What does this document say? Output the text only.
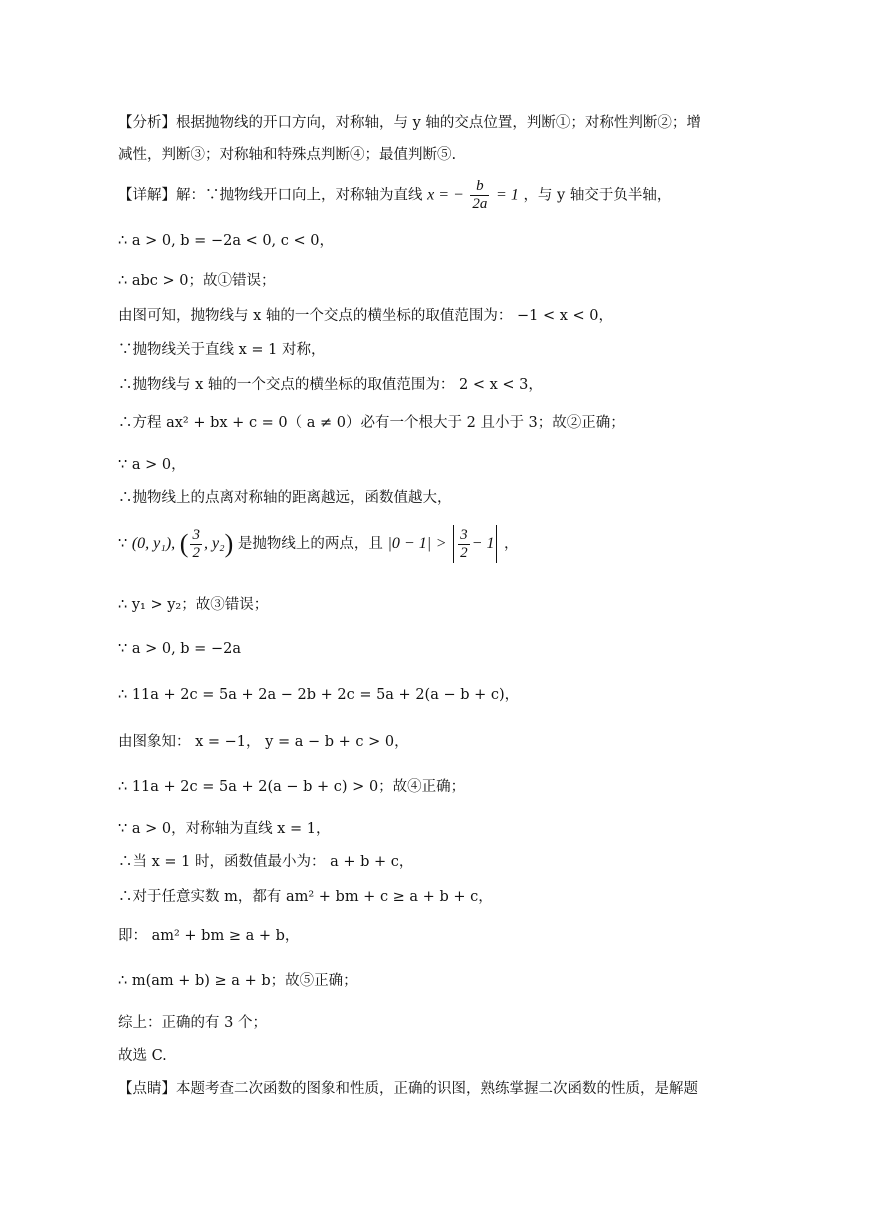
【分析】根据抛物线的开口方向，对称轴，与 y 轴的交点位置，判断①；对称性判断②；增
减性，判断③；对称轴和特殊点判断④；最值判断⑤.
【详解】解：∵抛物线开口向上，对称轴为直线 x = − $\frac{b}{2a} = 1$ ，与 y 轴交于负半轴，
∴ a > 0, b = −2a < 0, c < 0，
∴ abc > 0；故①错误；
由图可知，抛物线与 x 轴的一个交点的横坐标的取值范围为： −1 < x < 0，
∵抛物线关于直线 x = 1 对称，
∴抛物线与 x 轴的一个交点的横坐标的取值范围为： 2 < x < 3，
∴方程 ax² + bx + c = 0（ a ≠ 0）必有一个根大于 2 且小于 3；故②正确；
∵ a > 0，
∴抛物线上的点离对称轴的距离越远，函数值越大，
∵ (0, y₁), ( $\frac{3}{2}$ , y₂) 是抛物线上的两点，且 $|0 - 1| > \frac{3}{2} - 1$ ，
∴ y₁ > y₂；故③错误；
∵ a > 0, b = −2a
∴ 11a + 2c = 5a + 2a − 2b + 2c = 5a + 2(a − b + c)，
由图象知： x = −1， y = a − b + c > 0，
∴ 11a + 2c = 5a + 2(a − b + c) > 0；故④正确；
∵ a > 0，对称轴为直线 x = 1，
∴当 x = 1 时，函数值最小为： a + b + c，
∴对于任意实数 m，都有 am² + bm + c ≥ a + b + c，
即： am² + bm ≥ a + b，
∴ m(am + b) ≥ a + b；故⑤正确；
综上：正确的有 3 个；
故选 C.
【点睛】本题考查二次函数的图象和性质，正确的识图，熟练掌握二次函数的性质，是解题
